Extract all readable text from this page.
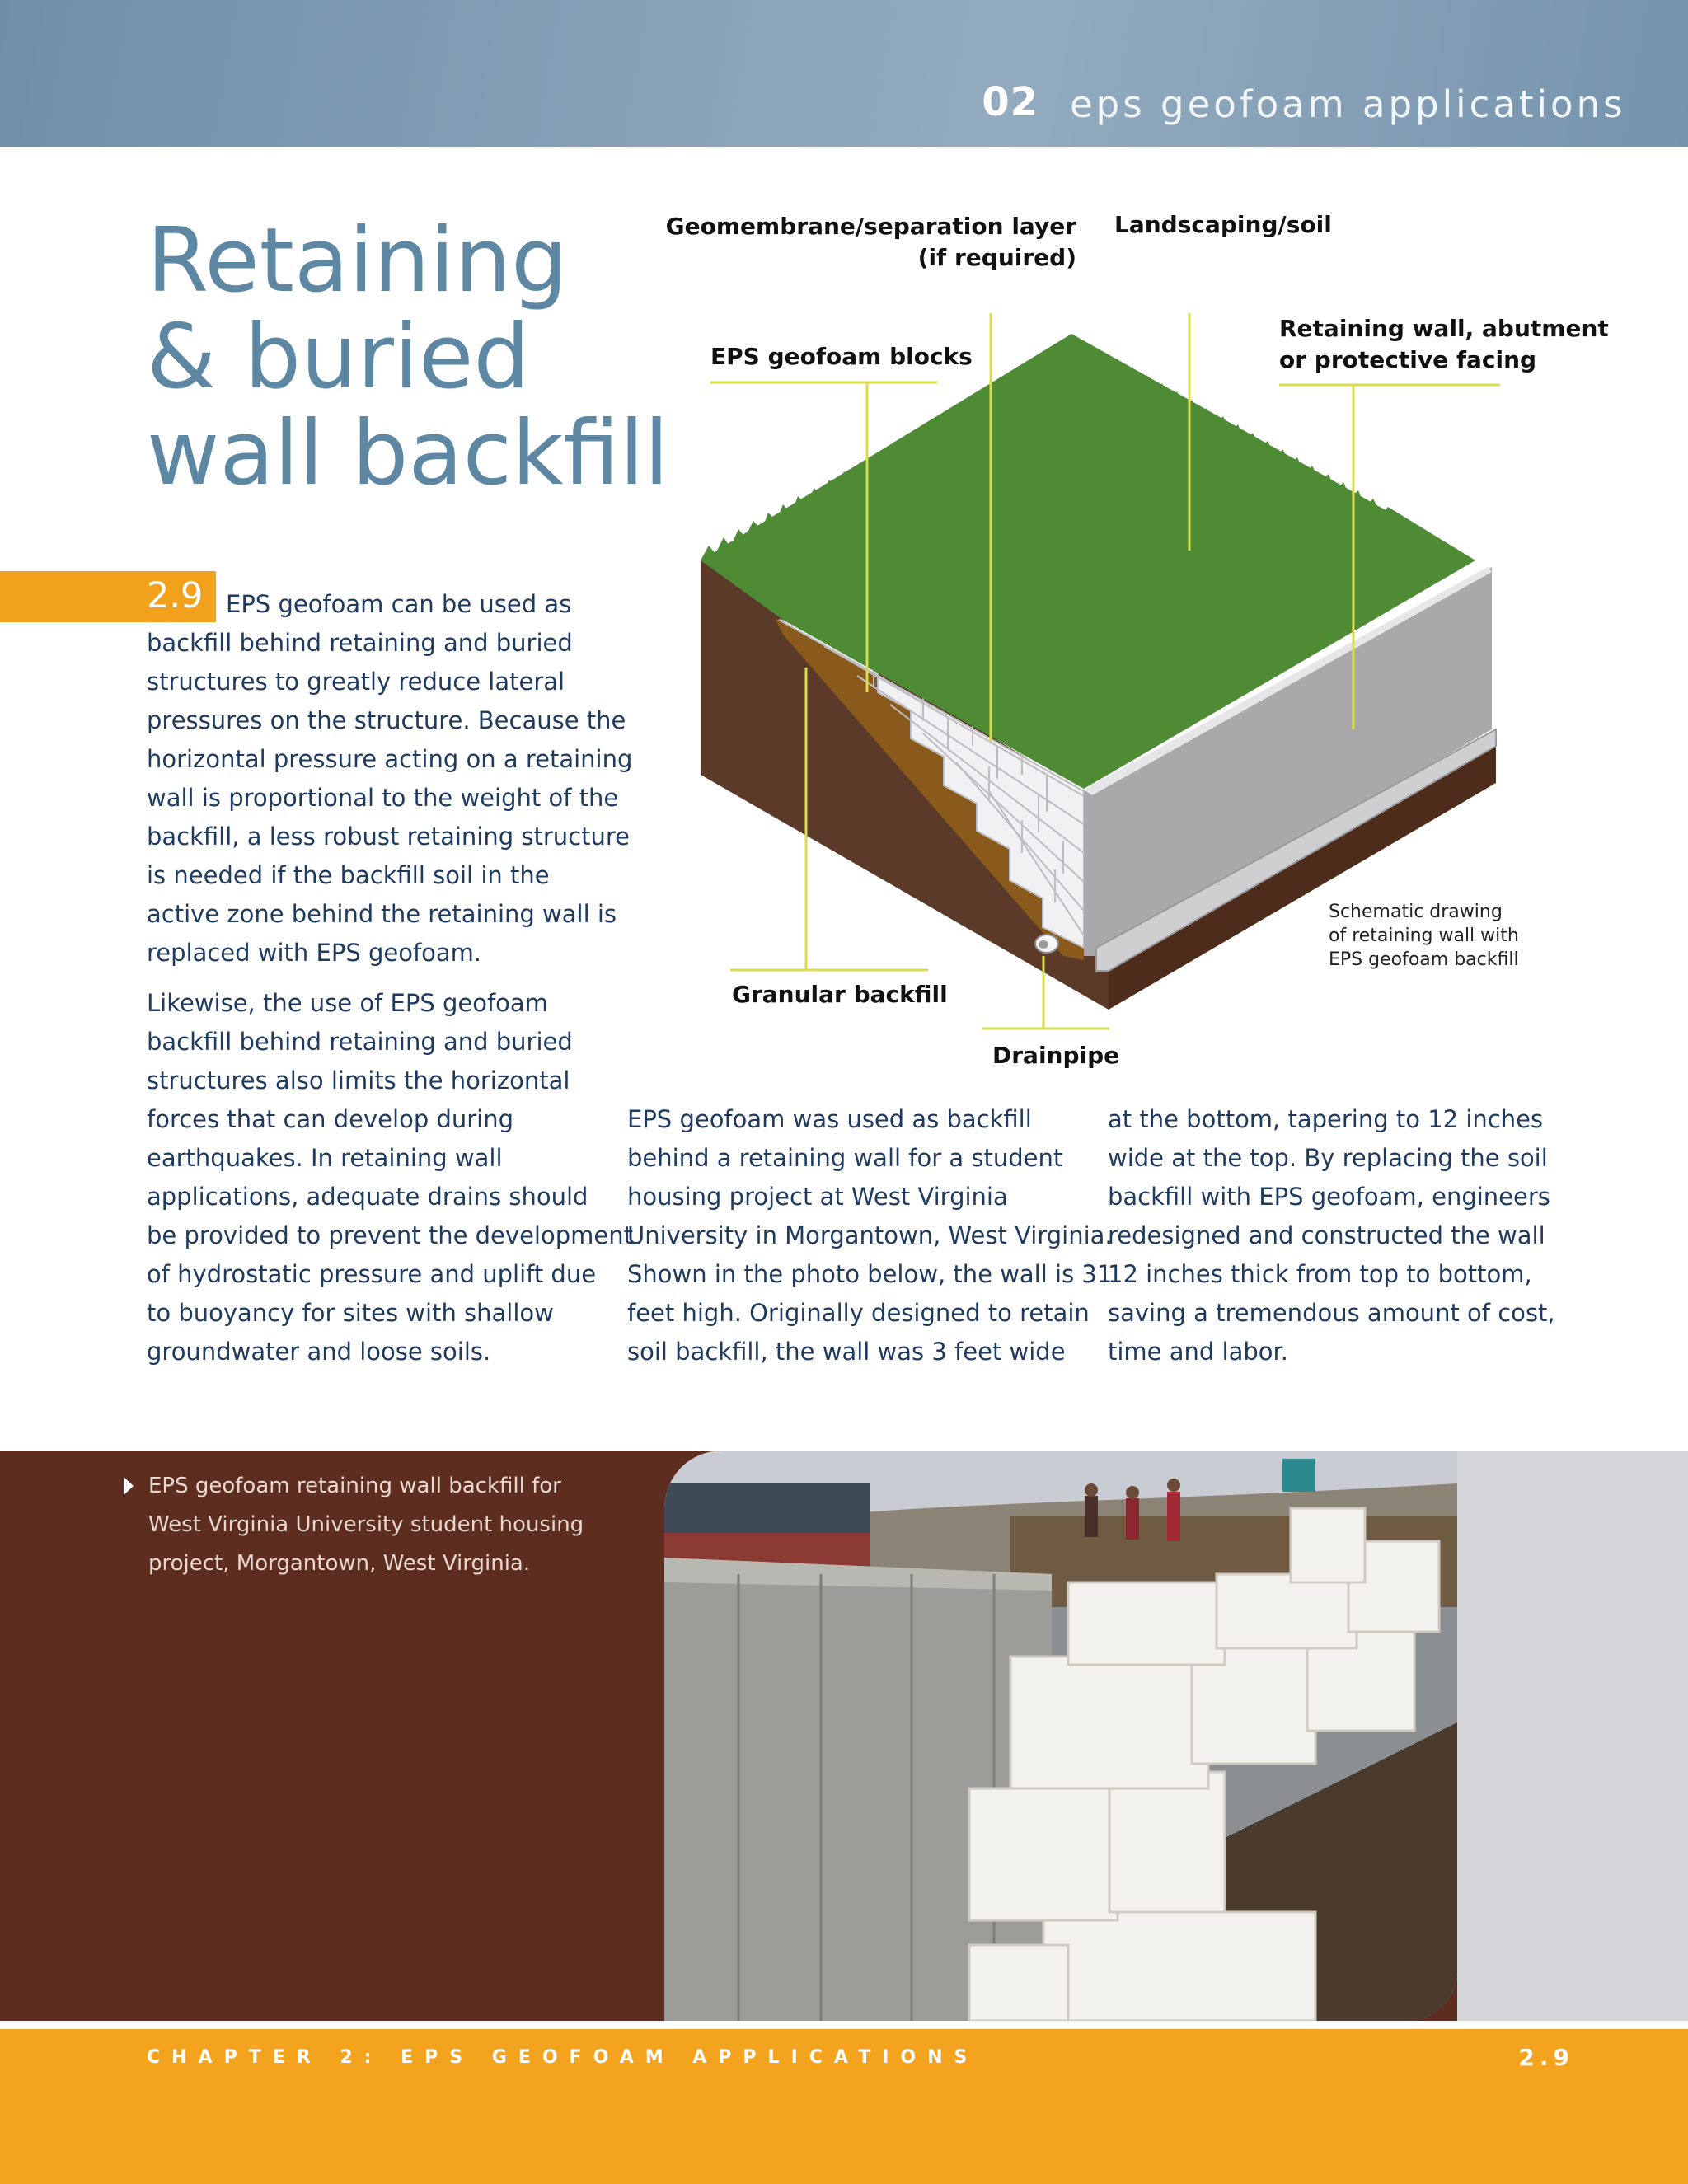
02 eps geofoam applications
Retaining
& buried
wall backfill
2.9 EPS geofoam can be used as
backfill behind retaining and buried
structures to greatly reduce lateral
pressures on the structure. Because the
horizontal pressure acting on a retaining
wall is proportional to the weight of the
backfill, a less robust retaining structure
is needed if the backfill soil in the
active zone behind the retaining wall is
replaced with EPS geofoam.
Likewise, the use of EPS geofoam
backfill behind retaining and buried
structures also limits the horizontal
forces that can develop during
earthquakes. In retaining wall
applications, adequate drains should
be provided to prevent the development
of hydrostatic pressure and uplift due
to buoyancy for sites with shallow
groundwater and loose soils.
EPS geofoam was used as backfill
behind a retaining wall for a student
housing project at West Virginia
University in Morgantown, West Virginia.
Shown in the photo below, the wall is 31
feet high. Originally designed to retain
soil backfill, the wall was 3 feet wide
at the bottom, tapering to 12 inches
wide at the top. By replacing the soil
backfill with EPS geofoam, engineers
redesigned and constructed the wall
12 inches thick from top to bottom,
saving a tremendous amount of cost,
time and labor.
Geomembrane/separation layer
(if required)
Landscaping/soil
EPS geofoam blocks
Retaining wall, abutment
or protective facing
Granular backfill
Drainpipe
Schematic drawing
of retaining wall with
EPS geofoam backfill
EPS geofoam retaining wall backfill for
West Virginia University student housing
project, Morgantown, West Virginia.
CHAPTER 2: EPS GEOFOAM APPLICATIONS	2.9
